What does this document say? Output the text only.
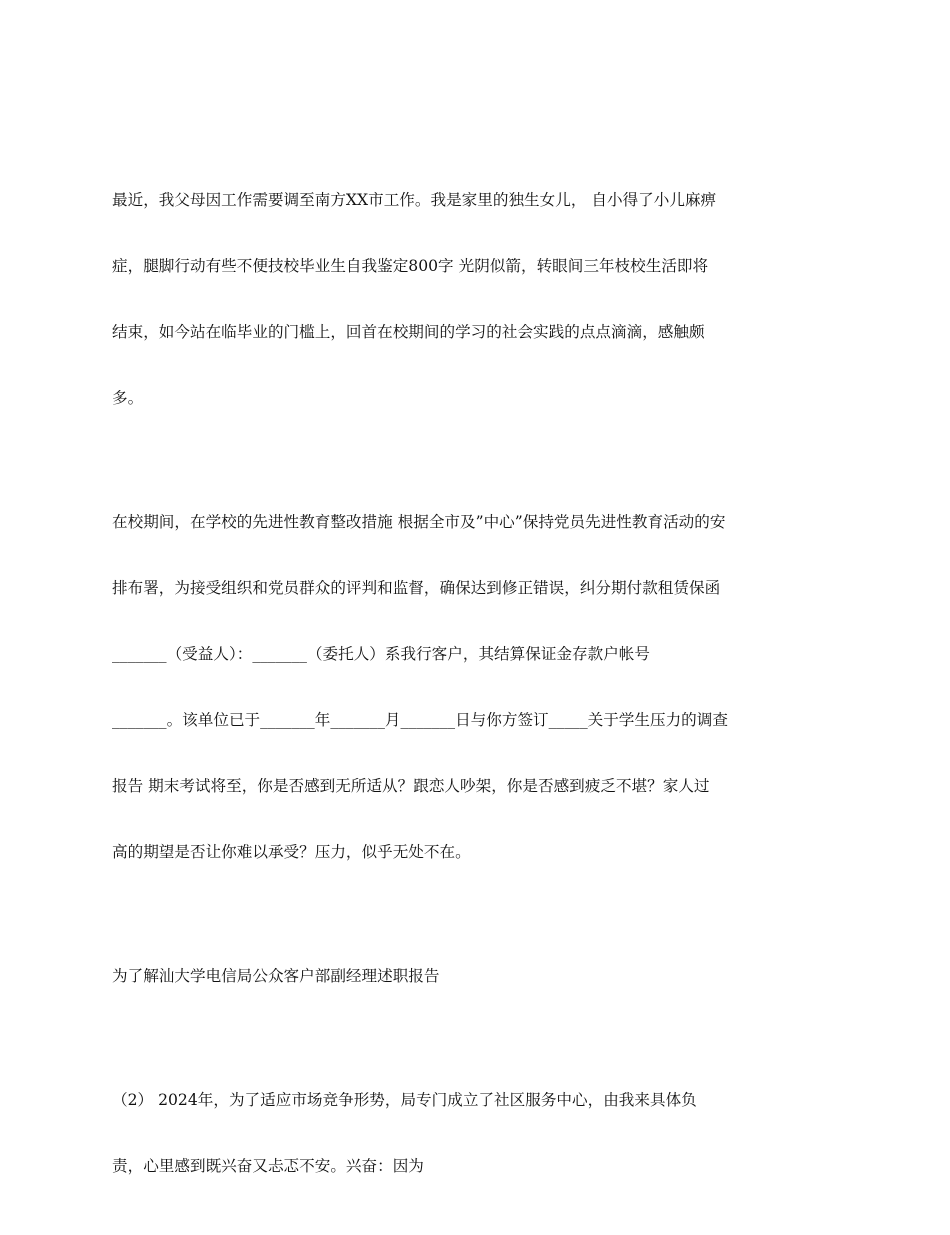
最近，我父母因工作需要调至南方XX市工作。我是家里的独生女儿， 自小得了小儿麻痹

症，腿脚行动有些不便技校毕业生自我鉴定800字 光阴似箭，转眼间三年枝校生活即将

结束，如今站在临毕业的门槛上，回首在校期间的学习的社会实践的点点滴滴，感触颇

多。

在校期间，在学校的先进性教育整改措施 根据全市及”中心”保持党员先进性教育活动的安

排布署，为接受组织和党员群众的评判和监督，确保达到修正错误，纠分期付款租赁保函

_______（受益人）：_______（委托人）系我行客户，其结算保证金存款户帐号

_______。该单位已于_______年_______月_______日与你方签订_____关于学生压力的调查

报告 期末考试将至，你是否感到无所适从？跟恋人吵架，你是否感到疲乏不堪？家人过

高的期望是否让你难以承受？压力，似乎无处不在。

为了解汕大学电信局公众客户部副经理述职报告

（2） 2024年，为了适应市场竞争形势，局专门成立了社区服务中心，由我来具体负

责，心里感到既兴奋又忐忑不安。兴奋：因为
